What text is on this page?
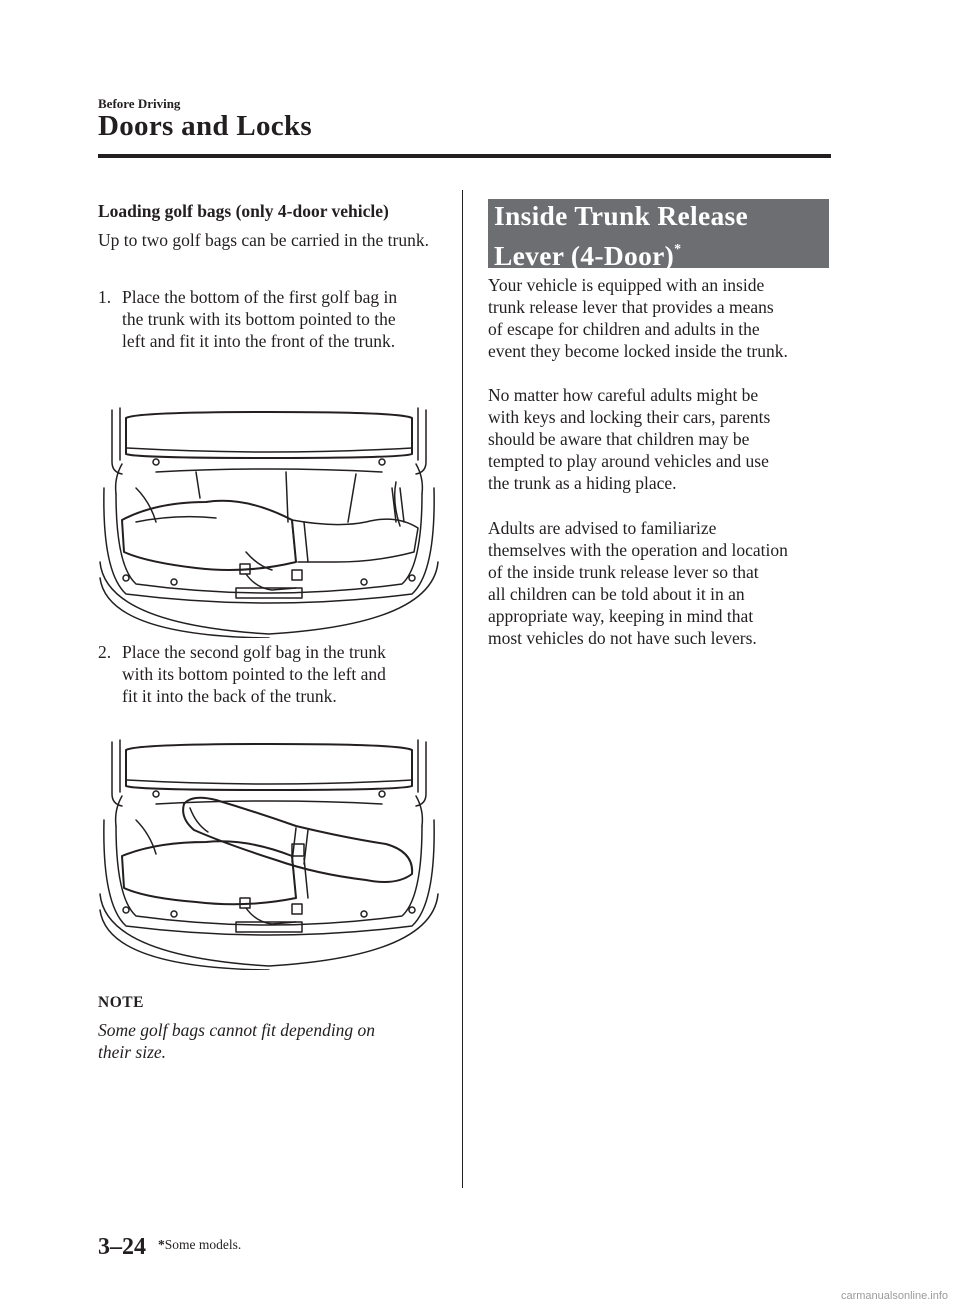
Before Driving
Doors and Locks
Loading golf bags (only 4-door vehicle)
Up to two golf bags can be carried in the trunk.
1. Place the bottom of the first golf bag in
the trunk with its bottom pointed to the
left and fit it into the front of the trunk.
2. Place the second golf bag in the trunk
with its bottom pointed to the left and
fit it into the back of the trunk.
NOTE
Some golf bags cannot fit depending on
their size.
Inside Trunk Release
Lever (4-Door)*
Your vehicle is equipped with an inside
trunk release lever that provides a means
of escape for children and adults in the
event they become locked inside the trunk.
No matter how careful adults might be
with keys and locking their cars, parents
should be aware that children may be
tempted to play around vehicles and use
the trunk as a hiding place.
Adults are advised to familiarize
themselves with the operation and location
of the inside trunk release lever so that
all children can be told about it in an
appropriate way, keeping in mind that
most vehicles do not have such levers.
3–24 *Some models.
carmanualsonline.info
